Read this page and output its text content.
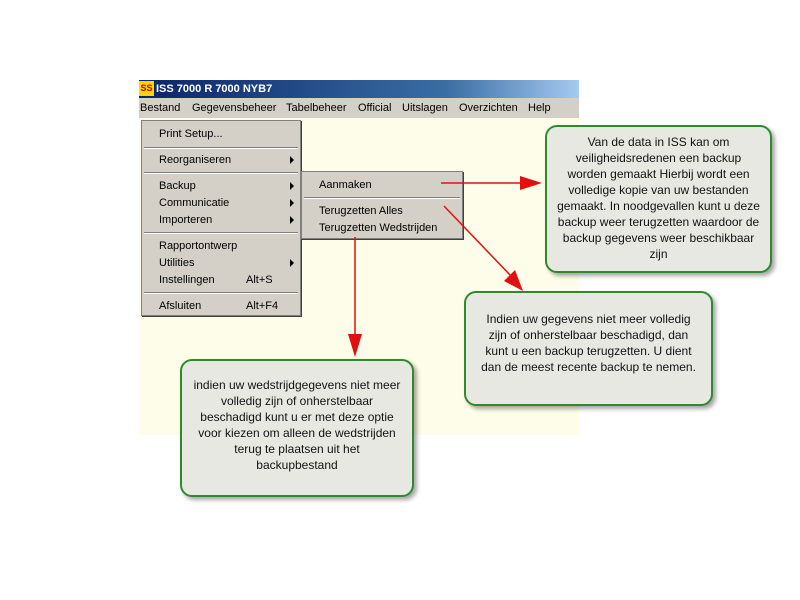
SS ISS 7000 R 7000 NYB7
Bestand Gegevensbeheer Tabelbeheer Official Uitslagen Overzichten Help
Print Setup...
Reorganiseren
Backup
Communicatie
Importeren
Rapportontwerp
Utilities
Instellingen	Alt+S
Afsluiten	Alt+F4
Aanmaken
Terugzetten Alles
Terugzetten Wedstrijden
Van de data in ISS kan om veiligheidsredenen een backup worden gemaakt Hierbij wordt een volledige kopie van uw bestanden gemaakt. In noodgevallen kunt u deze backup weer terugzetten waardoor de backup gegevens weer beschikbaar zijn
Indien uw gegevens niet meer volledig zijn of onherstelbaar beschadigd, dan kunt u een backup terugzetten. U dient dan de meest recente backup te nemen.
indien uw wedstrijdgegevens niet meer volledig zijn of onherstelbaar beschadigd kunt u er met deze optie voor kiezen om alleen de wedstrijden terug te plaatsen uit het backupbestand
